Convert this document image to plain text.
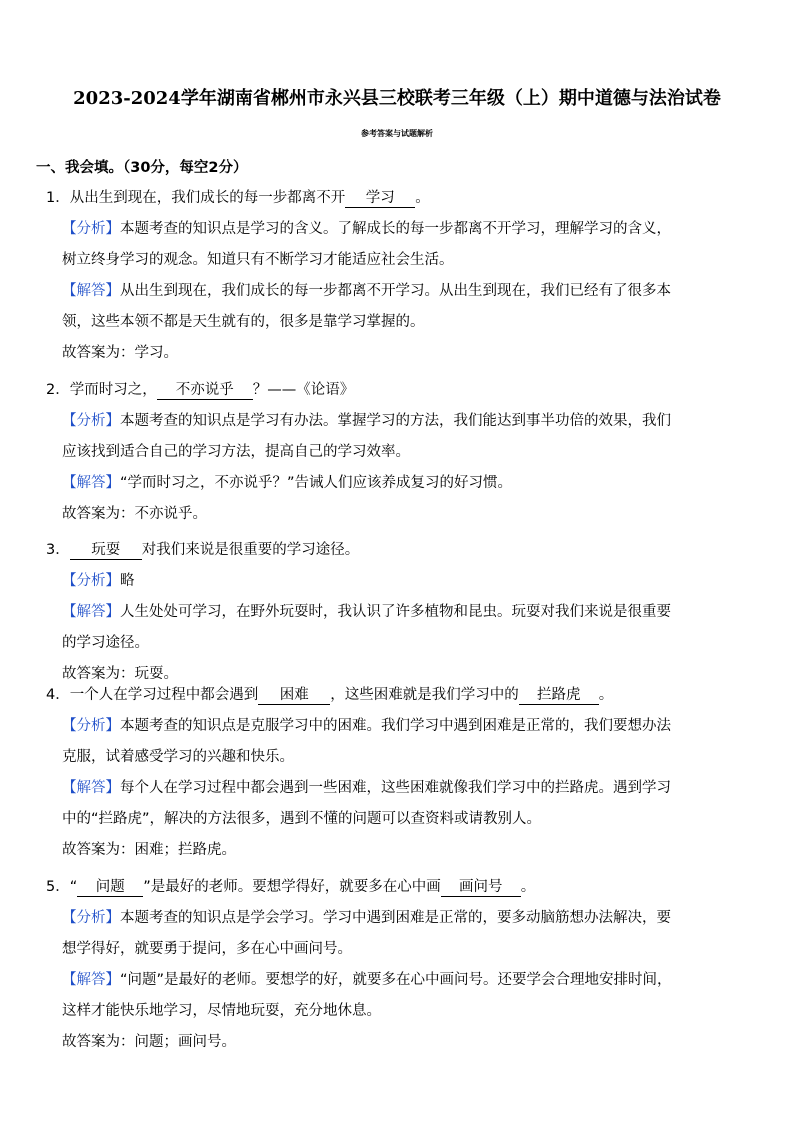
2023-2024学年湖南省郴州市永兴县三校联考三年级（上）期中道德与法治试卷
参考答案与试题解析
一、我会填。（30分，每空2分）
1．从出生到现在，我们成长的每一步都离不开 学习 。
【分析】本题考查的知识点是学习的含义。了解成长的每一步都离不开学习，理解学习的含义，
树立终身学习的观念。知道只有不断学习才能适应社会生活。
【解答】从出生到现在，我们成长的每一步都离不开学习。从出生到现在，我们已经有了很多本
领，这些本领不都是天生就有的，很多是靠学习掌握的。
故答案为：学习。
2．学而时习之， 不亦说乎 ？——《论语》
【分析】本题考查的知识点是学习有办法。掌握学习的方法，我们能达到事半功倍的效果，我们
应该找到适合自己的学习方法，提高自己的学习效率。
【解答】“学而时习之，不亦说乎？”告诫人们应该养成复习的好习惯。
故答案为：不亦说乎。
3． 玩耍 对我们来说是很重要的学习途径。
【分析】略
【解答】人生处处可学习，在野外玩耍时，我认识了许多植物和昆虫。玩耍对我们来说是很重要
的学习途径。
故答案为：玩耍。
4．一个人在学习过程中都会遇到 困难 ，这些困难就是我们学习中的 拦路虎 。
【分析】本题考查的知识点是克服学习中的困难。我们学习中遇到困难是正常的，我们要想办法
克服，试着感受学习的兴趣和快乐。
【解答】每个人在学习过程中都会遇到一些困难，这些困难就像我们学习中的拦路虎。遇到学习
中的“拦路虎”，解决的方法很多，遇到不懂的问题可以查资料或请教别人。
故答案为：困难；拦路虎。
5．“ 问题 ”是最好的老师。要想学得好，就要多在心中画 画问号 。
【分析】本题考查的知识点是学会学习。学习中遇到困难是正常的，要多动脑筋想办法解决，要
想学得好，就要勇于提问，多在心中画问号。
【解答】“问题”是最好的老师。要想学的好，就要多在心中画问号。还要学会合理地安排时间，
这样才能快乐地学习，尽情地玩耍，充分地休息。
故答案为：问题；画问号。
